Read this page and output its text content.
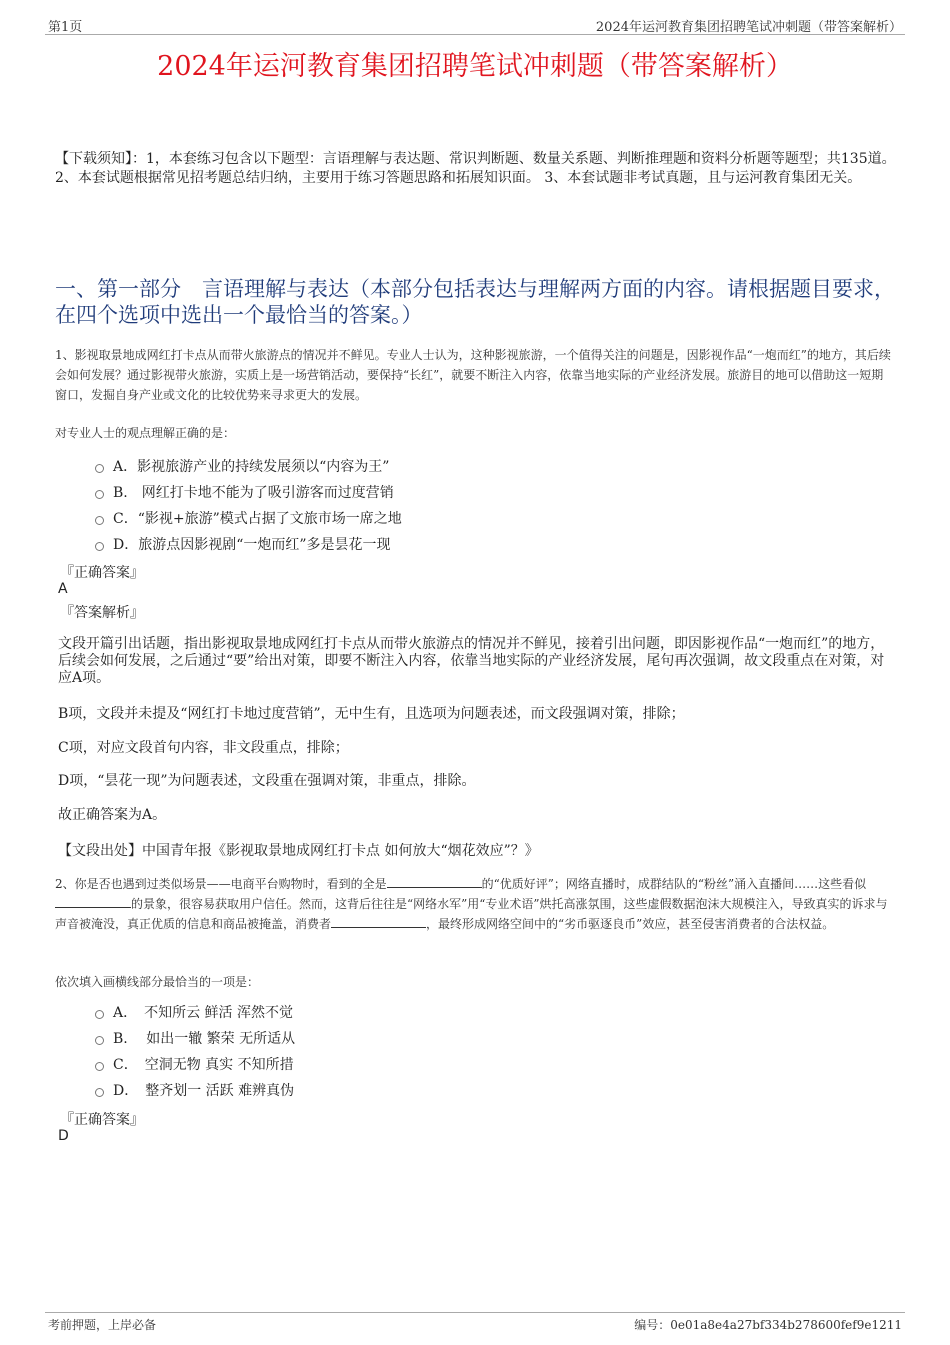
第1页	2024年运河教育集团招聘笔试冲刺题（带答案解析）
2024年运河教育集团招聘笔试冲刺题（带答案解析）
【下载须知】：1，本套练习包含以下题型：言语理解与表达题、常识判断题、数量关系题、判断推理题和资料分析题等题型；共135道。 2、本套试题根据常见招考题总结归纳，主要用于练习答题思路和拓展知识面。 3、本套试题非考试真题，且与运河教育集团无关。
一、第一部分　言语理解与表达（本部分包括表达与理解两方面的内容。请根据题目要求，在四个选项中选出一个最恰当的答案。）
1、影视取景地成网红打卡点从而带火旅游点的情况并不鲜见。专业人士认为，这种影视旅游，一个值得关注的问题是，因影视作品“一炮而红”的地方，其后续会如何发展？通过影视带火旅游，实质上是一场营销活动，要保持“长红”，就要不断注入内容，依靠当地实际的产业经济发展。旅游目的地可以借助这一短期窗口，发掘自身产业或文化的比较优势来寻求更大的发展。
对专业人士的观点理解正确的是：
A．影视旅游产业的持续发展须以“内容为王”
B.　网红打卡地不能为了吸引游客而过度营销
C．“影视+旅游”模式占据了文旅市场一席之地
D．旅游点因影视剧“一炮而红”多是昙花一现
『正确答案』
A
『答案解析』
文段开篇引出话题，指出影视取景地成网红打卡点从而带火旅游点的情况并不鲜见，接着引出问题，即因影视作品“一炮而红”的地方，后续会如何发展，之后通过“要”给出对策，即要不断注入内容，依靠当地实际的产业经济发展，尾句再次强调，故文段重点在对策，对应A项。
B项，文段并未提及“网红打卡地过度营销”，无中生有，且选项为问题表述，而文段强调对策，排除；
C项，对应文段首句内容，非文段重点，排除；
D项，“昙花一现”为问题表述，文段重在强调对策，非重点，排除。
故正确答案为A。
【文段出处】中国青年报《影视取景地成网红打卡点 如何放大“烟花效应”？》
2、你是否也遇到过类似场景——电商平台购物时，看到的全是	的“优质好评”；网络直播时，成群结队的“粉丝”涌入直播间……这些看似的景象，很容易获取用户信任。然而，这背后往往是“网络水军”用“专业术语”烘托高涨氛围，这些虚假数据泡沫大规模注入，导致真实的诉求与声音被淹没，真正优质的信息和商品被掩盖，消费者	，最终形成网络空间中的“劣币驱逐良币”效应，甚至侵害消费者的合法权益。
依次填入画横线部分最恰当的一项是：
A．　不知所云 鲜活 浑然不觉
B.　 如出一辙 繁荣 无所适从
C．　空洞无物 真实 不知所措
D．　整齐划一 活跃 难辨真伪
『正确答案』
D
考前押题，上岸必备	编号：0e01a8e4a27bf334b278600fef9e1211
